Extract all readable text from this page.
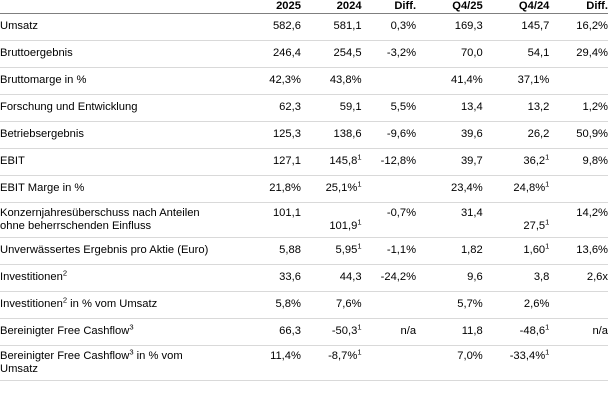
	2025	2024	Diff.	Q4/25	Q4/24	Diff.

Umsatz	582,6	581,1	0,3%	169,3	145,7	16,2%

Bruttoergebnis	246,4	254,5	-3,2%	70,0	54,1	29,4%

Bruttomarge in %	42,3%	43,8%		41,4%	37,1%	

Forschung und Entwicklung	62,3	59,1	5,5%	13,4	13,2	1,2%

Betriebsergebnis	125,3	138,6	-9,6%	39,6	26,2	50,9%

EBIT	127,1	145,8$^1$	-12,8%	39,7	36,2$^1$	9,8%

EBIT Marge in %	21,8%	25,1%$^1$		23,4%	24,8%$^1$

Konzernjahresüberschuss nach Anteilen
ohne beherrschenden Einfluss	101,1	101,9$^1$	-0,7%	31,4	27,5$^1$	14,2%

Unverwässertes Ergebnis pro Aktie (Euro)	5,88	5,95$^1$	-1,1%	1,82	1,60$^1$	13,6%

Investitionen$^2$	33,6	44,3	-24,2%	9,6	3,8	2,6x

Investitionen$^2$ in % vom Umsatz	5,8%	7,6%		5,7%	2,6%	

Bereinigter Free Cashflow$^3$	66,3	-50,3$^1$	n/a	11,8	-48,6$^1$	n/a

Bereinigter Free Cashflow$^3$ in % vom
Umsatz	11,4%	-8,7%$^1$		7,0%	-33,4%$^1$
